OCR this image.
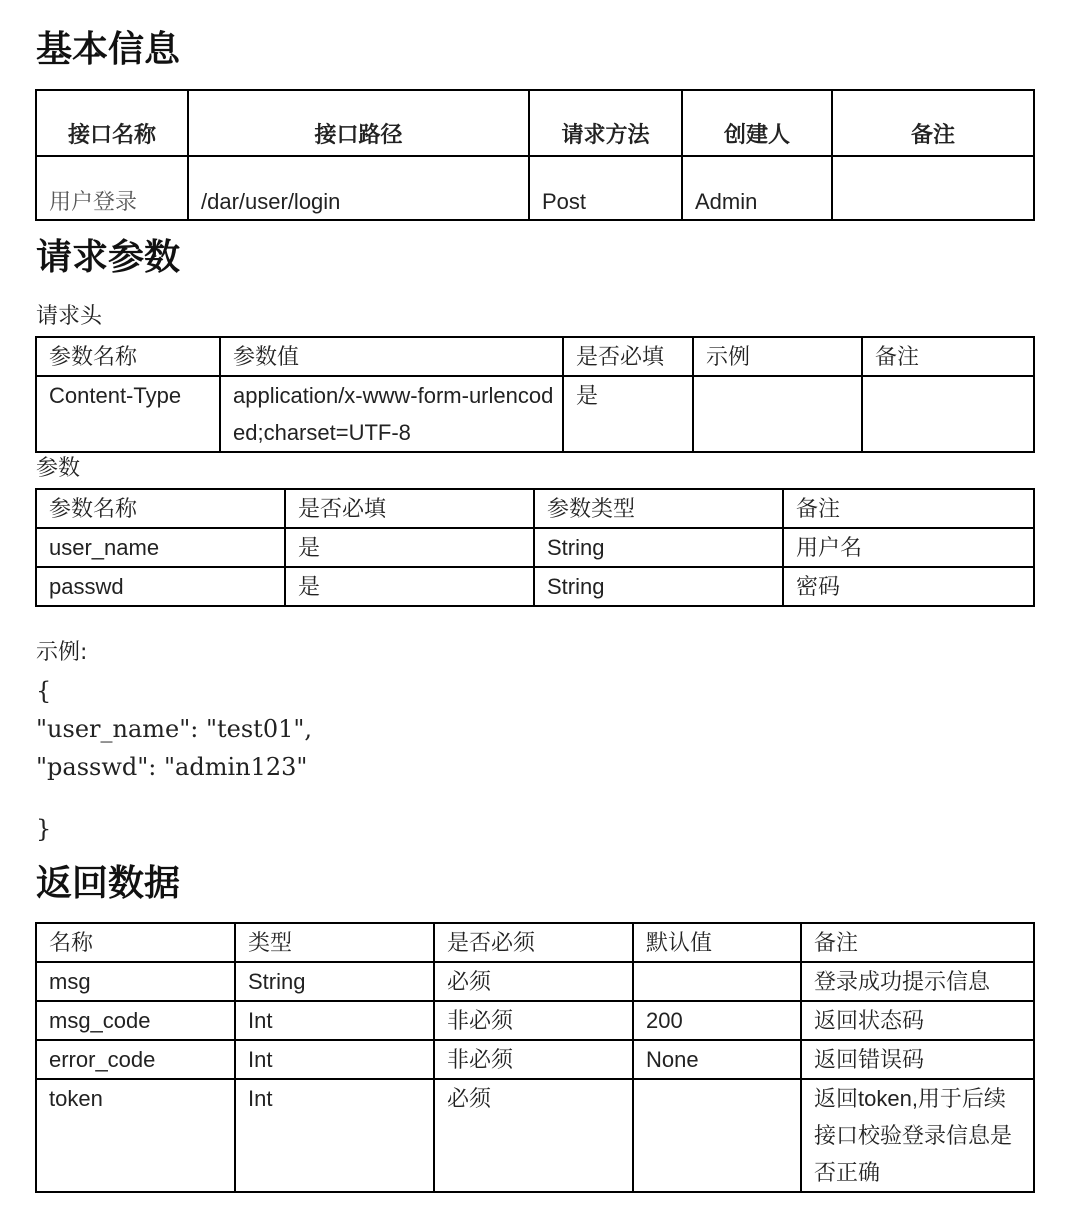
基本信息
接口名称	接口路径	请求方法	创建人	备注
用户登录	/dar/user/login	Post	Admin	
请求参数
请求头
参数名称	参数值	是否必填	示例	备注
Content-Type	application/x-www-form-urlencoded;charset=UTF-8	是		
参数
参数名称	是否必填	参数类型	备注
user_name	是	String	用户名
passwd	是	String	密码
示例:
{
"user_name": "test01",
"passwd": "admin123"
}
返回数据
名称	类型	是否必须	默认值	备注
msg	String	必须		登录成功提示信息
msg_code	Int	非必须	200	返回状态码
error_code	Int	非必须	None	返回错误码
token	Int	必须		返回token,用于后续接口校验登录信息是否正确
